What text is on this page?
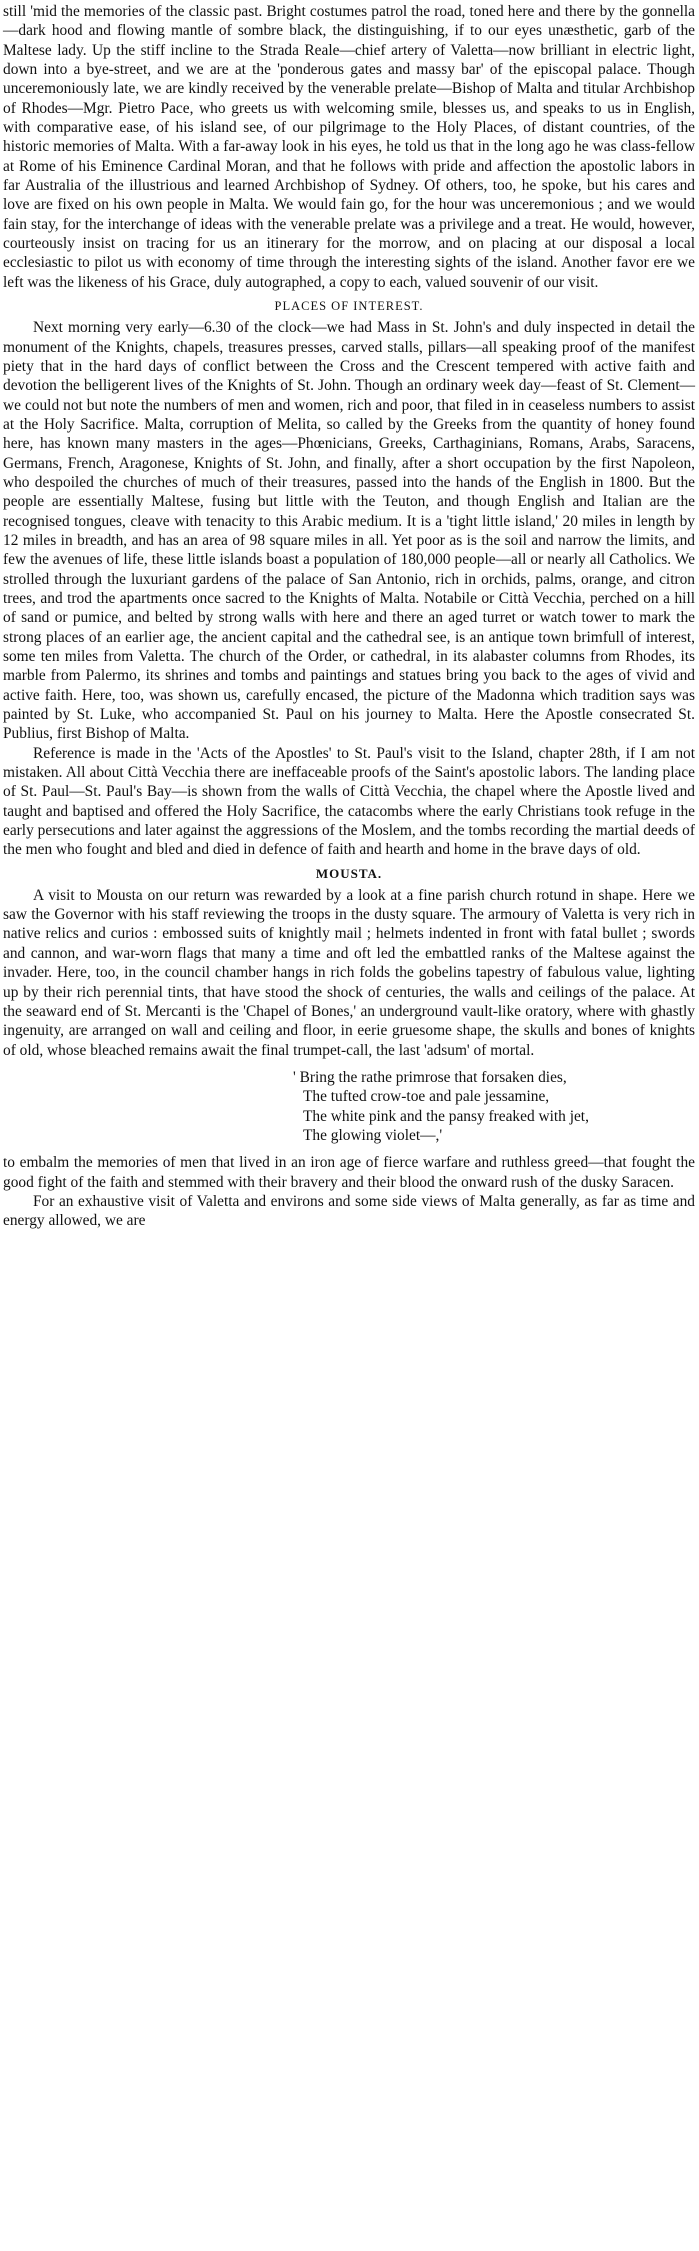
still 'mid the memories of the classic past. Bright costumes patrol the road, toned here and there by the gonnella—dark hood and flowing mantle of sombre black, the distinguishing, if to our eyes unæsthetic, garb of the Maltese lady. Up the stiff incline to the Strada Reale—chief artery of Valetta—now brilliant in electric light, down into a bye-street, and we are at the 'ponderous gates and massy bar' of the episcopal palace. Though unceremoniously late, we are kindly received by the venerable prelate—Bishop of Malta and titular Archbishop of Rhodes—Mgr. Pietro Pace, who greets us with welcoming smile, blesses us, and speaks to us in English, with comparative ease, of his island see, of our pilgrimage to the Holy Places, of distant countries, of the historic memories of Malta. With a far-away look in his eyes, he told us that in the long ago he was class-fellow at Rome of his Eminence Cardinal Moran, and that he follows with pride and affection the apostolic labors in far Australia of the illustrious and learned Archbishop of Sydney. Of others, too, he spoke, but his cares and love are fixed on his own people in Malta. We would fain go, for the hour was unceremonious ; and we would fain stay, for the interchange of ideas with the venerable prelate was a privilege and a treat. He would, however, courteously insist on tracing for us an itinerary for the morrow, and on placing at our disposal a local ecclesiastic to pilot us with economy of time through the interesting sights of the island. Another favor ere we left was the likeness of his Grace, duly autographed, a copy to each, valued souvenir of our visit.

PLACES OF INTEREST.

Next morning very early—6.30 of the clock—we had Mass in St. John's and duly inspected in detail the monument of the Knights, chapels, treasures presses, carved stalls, pillars—all speaking proof of the manifest piety that in the hard days of conflict between the Cross and the Crescent tempered with active faith and devotion the belligerent lives of the Knights of St. John. Though an ordinary week day—feast of St. Clement—we could not but note the numbers of men and women, rich and poor, that filed in in ceaseless numbers to assist at the Holy Sacrifice. Malta, corruption of Melita, so called by the Greeks from the quantity of honey found here, has known many masters in the ages—Phœnicians, Greeks, Carthaginians, Romans, Arabs, Saracens, Germans, French, Aragonese, Knights of St. John, and finally, after a short occupation by the first Napoleon, who despoiled the churches of much of their treasures, passed into the hands of the English in 1800. But the people are essentially Maltese, fusing but little with the Teuton, and though English and Italian are the recognised tongues, cleave with tenacity to this Arabic medium. It is a 'tight little island,' 20 miles in length by 12 miles in breadth, and has an area of 98 square miles in all. Yet poor as is the soil and narrow the limits, and few the avenues of life, these little islands boast a population of 180,000 people—all or nearly all Catholics. We strolled through the luxuriant gardens of the palace of San Antonio, rich in orchids, palms, orange, and citron trees, and trod the apartments once sacred to the Knights of Malta. Notabile or Città Vecchia, perched on a hill of sand or pumice, and belted by strong walls with here and there an aged turret or watch tower to mark the strong places of an earlier age, the ancient capital and the cathedral see, is an antique town brimfull of interest, some ten miles from Valetta. The church of the Order, or cathedral, in its alabaster columns from Rhodes, its marble from Palermo, its shrines and tombs and paintings and statues bring you back to the ages of vivid and active faith. Here, too, was shown us, carefully encased, the picture of the Madonna which tradition says was painted by St. Luke, who accompanied St. Paul on his journey to Malta. Here the Apostle consecrated St. Publius, first Bishop of Malta.

Reference is made in the 'Acts of the Apostles' to St. Paul's visit to the Island, chapter 28th, if I am not mistaken. All about Città Vecchia there are ineffaceable proofs of the Saint's apostolic labors. The landing place of St. Paul—St. Paul's Bay—is shown from the walls of Città Vecchia, the chapel where the Apostle lived and taught and baptised and offered the Holy Sacrifice, the catacombs where the early Christians took refuge in the early persecutions and later against the aggressions of the Moslem, and the tombs recording the martial deeds of the men who fought and bled and died in defence of faith and hearth and home in the brave days of old.

MOUSTA.

A visit to Mousta on our return was rewarded by a look at a fine parish church rotund in shape. Here we saw the Governor with his staff reviewing the troops in the dusty square. The armoury of Valetta is very rich in native relics and curios : embossed suits of knightly mail ; helmets indented in front with fatal bullet ; swords and cannon, and war-worn flags that many a time and oft led the embattled ranks of the Maltese against the invader. Here, too, in the council chamber hangs in rich folds the gobelins tapestry of fabulous value, lighting up by their rich perennial tints, that have stood the shock of centuries, the walls and ceilings of the palace. At the seaward end of St. Mercanti is the 'Chapel of Bones,' an underground vault-like oratory, where with ghastly ingenuity, are arranged on wall and ceiling and floor, in eerie gruesome shape, the skulls and bones of knights of old, whose bleached remains await the final trumpet-call, the last 'adsum' of mortal.

' Bring the rathe primrose that forsaken dies,
The tufted crow-toe and pale jessamine,
The white pink and the pansy freaked with jet,
The glowing violet—,'

to embalm the memories of men that lived in an iron age of fierce warfare and ruthless greed—that fought the good fight of the faith and stemmed with their bravery and their blood the onward rush of the dusky Saracen.

For an exhaustive visit of Valetta and environs and some side views of Malta generally, as far as time and energy allowed, we are
